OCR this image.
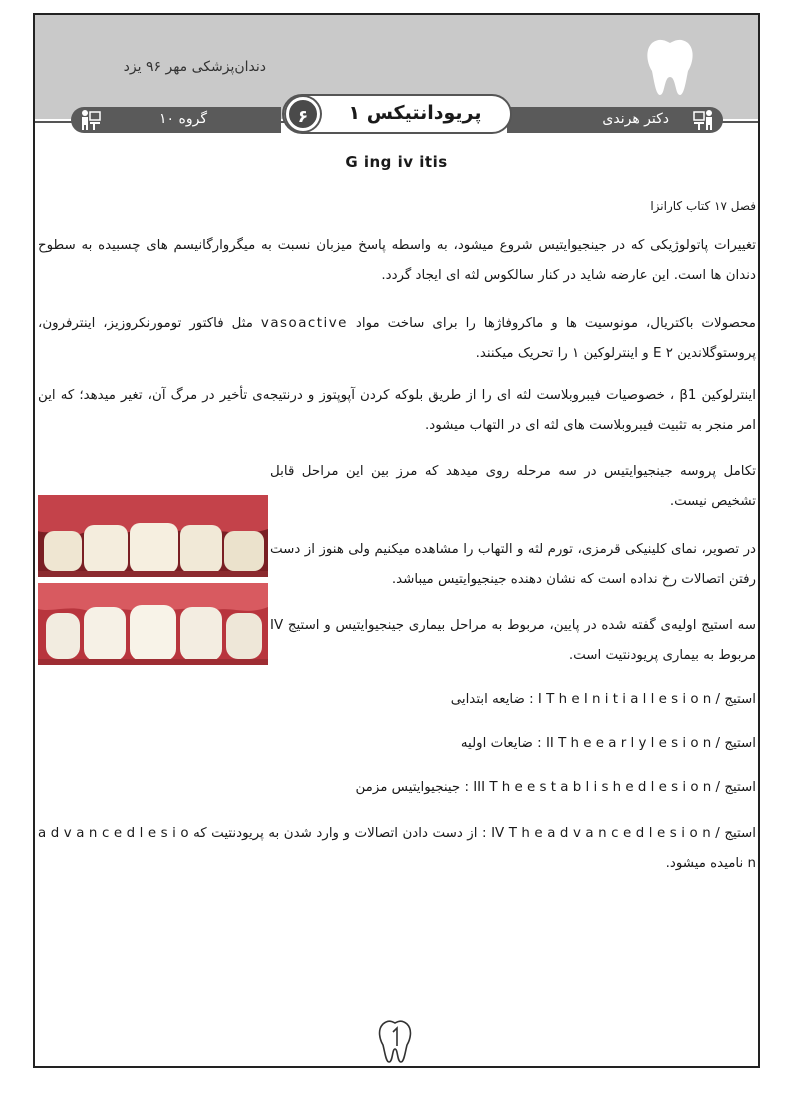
دندان‌پزشکی مهر ۹۶ یزد
گروه ۱۰	دکتر هرندی
۶	پریودانتیکس ۱
G ing iv itis
فصل ۱۷ کتاب کارانزا
تغییرات پاتولوژیکی که در جینجیوایتیس شروع میشود، به واسطه پاسخ میزبان نسبت به میگروارگانیسم های چسبیده به سطوح دندان ها است. این عارضه شاید در کنار سالکوس لثه ای ایجاد گردد.
محصولات باکتریال، مونوسیت ها و ماکروفاژها را برای ساخت مواد vasoactive مثل فاکتور تومورنکروزیز، اینترفرون، پروستوگلاندین E ۲ و اینترلوکین ۱ را تحریک میکنند.
اینترلوکین β1 ، خصوصیات فیبروبلاست لثه ای را از طریق بلوکه کردن آپوپتوز و درنتیجه‌ی تأخیر در مرگ آن، تغیر میدهد؛ که این امر منجر به تثبیت فیبروبلاست های لثه ای در التهاب میشود.
تکامل پروسه جینجیوایتیس در سه مرحله روی میدهد که مرز بین این مراحل قابل تشخیص نیست.
در تصویر، نمای کلینیکی قرمزی، تورم لثه و التهاب را مشاهده میکنیم ولی هنوز از دست رفتن اتصالات رخ نداده است که نشان دهنده جینجیوایتیس میباشد.
سه استیج اولیه‌ی گفته شده در پایین، مربوط به مراحل بیماری جینجیوایتیس و استیج IV مربوط به بیماری پریودنتیت است.
استیج I T h e I n i t i a l l e s i o n / : ضایعه ابتدایی
استیج II T h e e a r l y l e s i o n / : ضایعات اولیه
استیج III T h e e s t a b l i s h e d l e s i o n / : جینجیوایتیس مزمن
استیج IV T h e a d v a n c e d l e s i o n / : از دست دادن اتصالات و وارد شدن به پریودنتیت که a d v a n c e d l e s i o n نامیده میشود.
